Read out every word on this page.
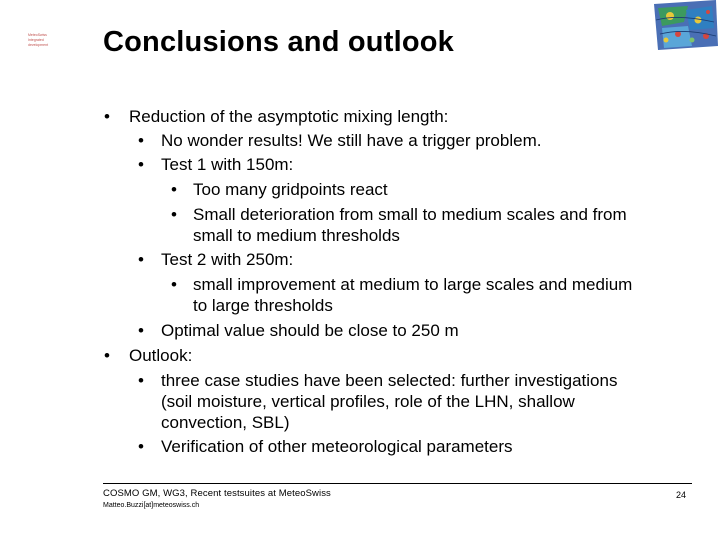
MeteoSwiss
Integrated
development	Conclusions and outlook
• Reduction of the asymptotic mixing length:
• No wonder results! We still have a trigger problem.
• Test 1 with 150m:
• Too many gridpoints react
• Small deterioration from small to medium scales and from
small to medium thresholds
• Test 2 with 250m:
• small improvement at medium to large scales and medium
to large thresholds
• Optimal value should be close to 250 m
• Outlook:
• three case studies have been selected: further investigations
(soil moisture, vertical profiles, role of the LHN, shallow
convection, SBL)
• Verification of other meteorological parameters
COSMO GM, WG3, Recent testsuites at MeteoSwiss
Matteo.Buzzi[at]meteoswiss.ch
24
